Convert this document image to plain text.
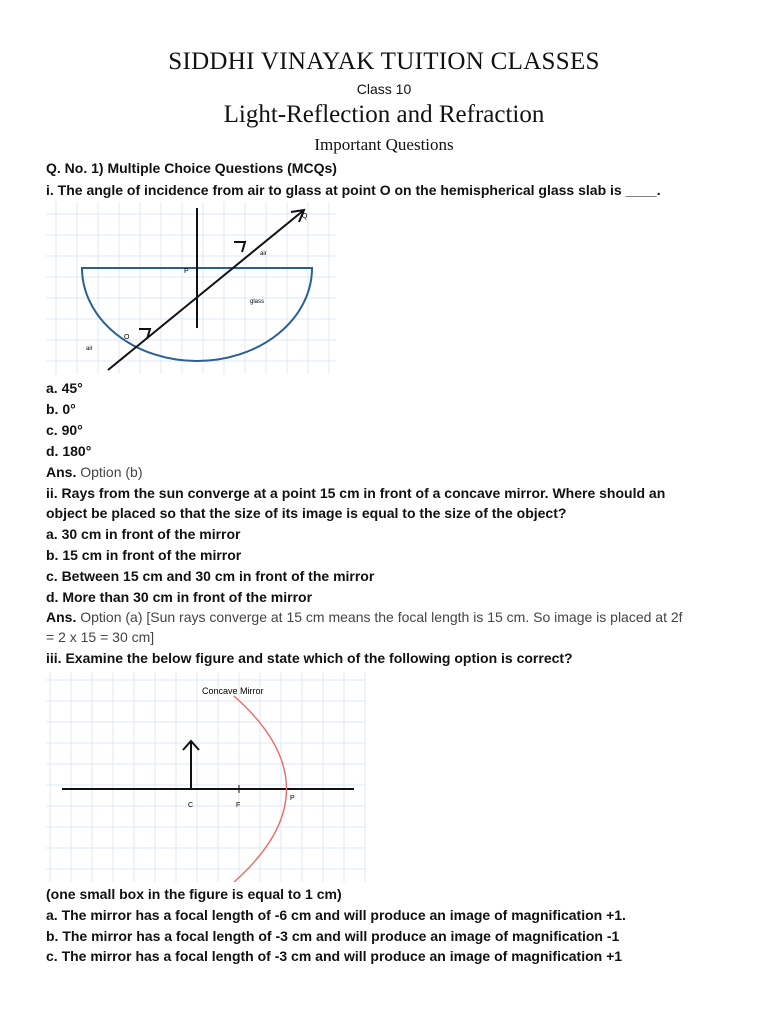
SIDDHI VINAYAK TUITION CLASSES
Class 10
Light-Reflection and Refraction
Important Questions
Q. No. 1) Multiple Choice Questions (MCQs)
i. The angle of incidence from air to glass at point O on the hemispherical glass slab is ____.
Q
P
O
air
glass
air
a. 45°
b. 0°
c. 90°
d. 180°
Ans. Option (b)
ii. Rays from the sun converge at a point 15 cm in front of a concave mirror. Where should an
object be placed so that the size of its image is equal to the size of the object?
a. 30 cm in front of the mirror
b. 15 cm in front of the mirror
c. Between 15 cm and 30 cm in front of the mirror
d. More than 30 cm in front of the mirror
Ans. Option (a) [Sun rays converge at 15 cm means the focal length is 15 cm. So image is placed at 2f
= 2 x 15 = 30 cm]
iii. Examine the below figure and state which of the following option is correct?
Concave Mirror
C	F
P
(one small box in the figure is equal to 1 cm)
a. The mirror has a focal length of -6 cm and will produce an image of magnification +1.
b. The mirror has a focal length of -3 cm and will produce an image of magnification -1
c. The mirror has a focal length of -3 cm and will produce an image of magnification +1
